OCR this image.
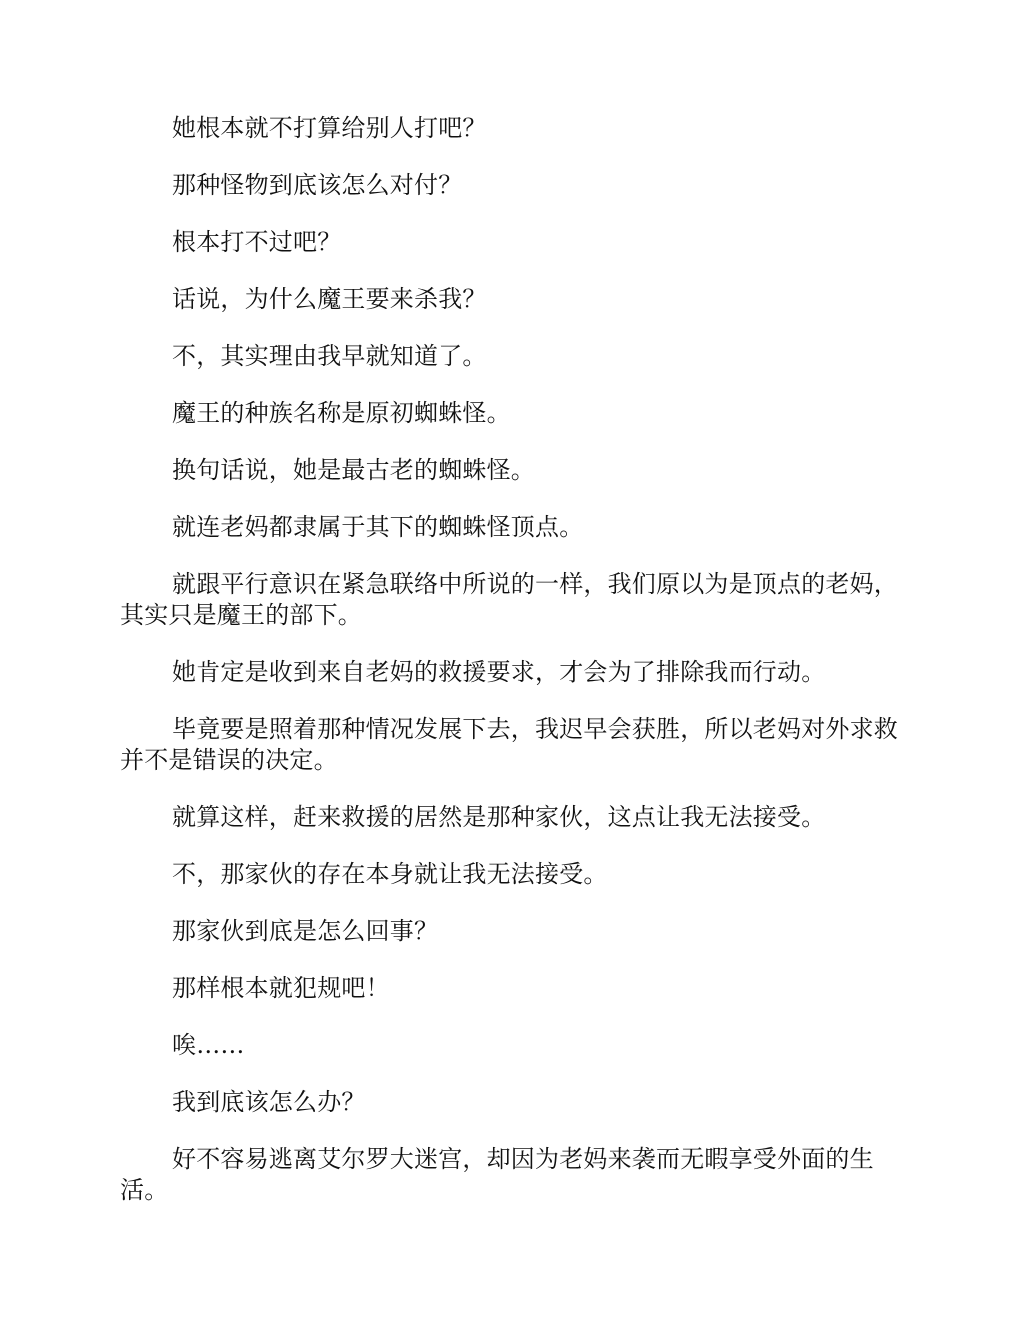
她根本就不打算给别人打吧？

那种怪物到底该怎么对付？

根本打不过吧？

话说，为什么魔王要来杀我？

不，其实理由我早就知道了。

魔王的种族名称是原初蜘蛛怪。

换句话说，她是最古老的蜘蛛怪。

就连老妈都隶属于其下的蜘蛛怪顶点。

就跟平行意识在紧急联络中所说的一样，我们原以为是顶点的老妈，其实只是魔王的部下。

她肯定是收到来自老妈的救援要求，才会为了排除我而行动。

毕竟要是照着那种情况发展下去，我迟早会获胜，所以老妈对外求救并不是错误的决定。

就算这样，赶来救援的居然是那种家伙，这点让我无法接受。

不，那家伙的存在本身就让我无法接受。

那家伙到底是怎么回事？

那样根本就犯规吧！

唉……

我到底该怎么办？

好不容易逃离艾尔罗大迷宫，却因为老妈来袭而无暇享受外面的生活。
